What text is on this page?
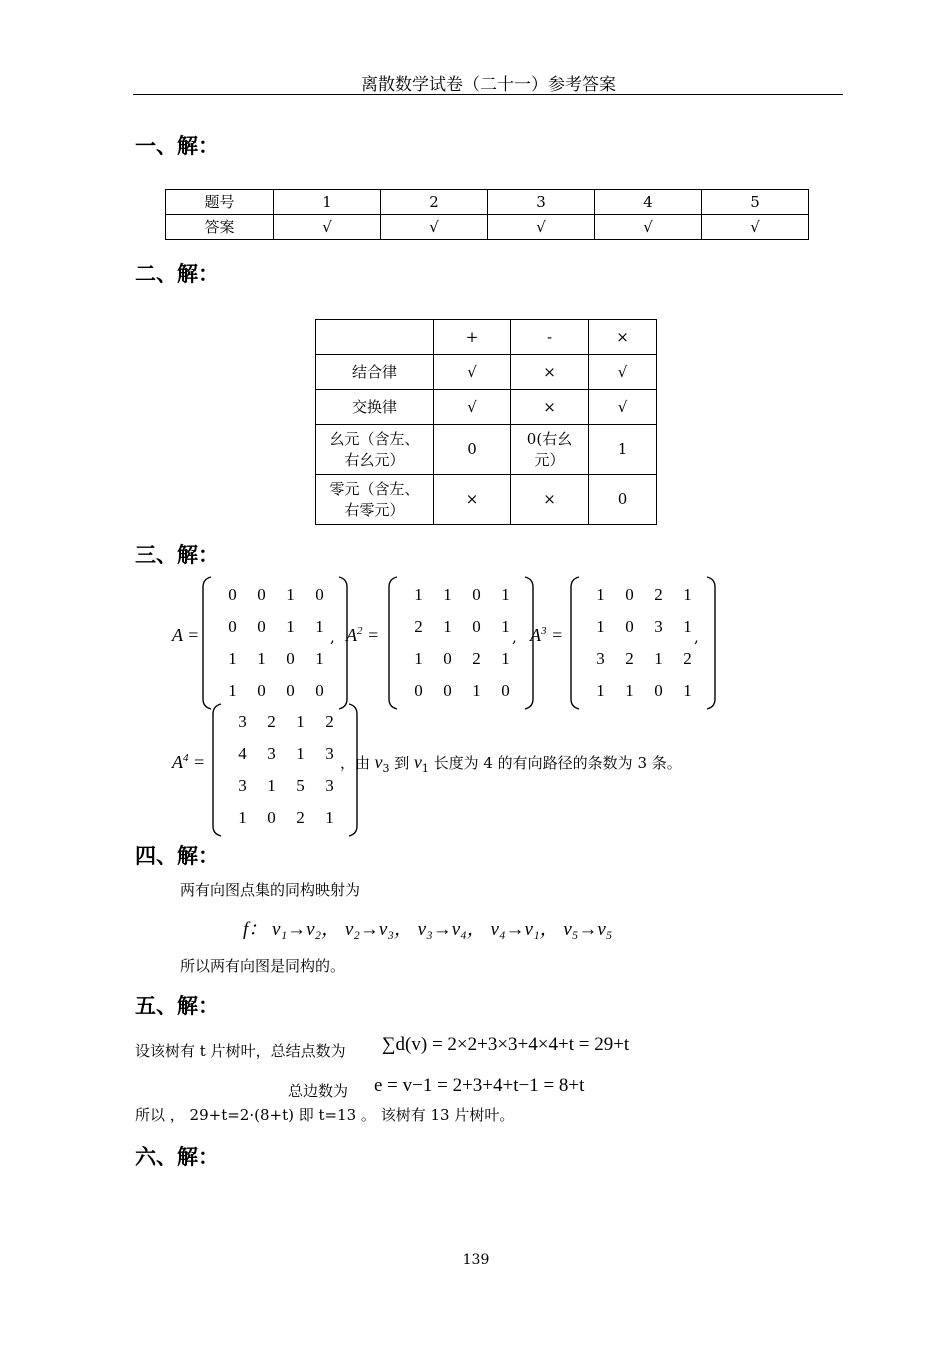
离散数学试卷（二十一）参考答案
一、解：
题号	1	2	3	4	5
答案	√	√	√	√	√
二、解：
	+	-	×
结合律	√	×	√
交换律	√	×	√
幺元（含左、右幺元）	0	0(右幺元）	1
零元（含左、右零元）	×	×	0
三、解：
A =
0	0	1	0
0	0	1	1
1	1	0	1
1	0	0	0
, $A^2$ =
1	1	0	1
2	1	0	1
1	0	2	1
0	0	1	0
, $A^3$ =
1	0	2	1
1	0	3	1
3	2	1	2
1	1	0	1
,
$A^4$ =
3	2	1	2
4	3	1	3
3	1	5	3
1	0	2	1
，由 $v_3$ 到 $v_1$ 长度为 4 的有向路径的条数为 3 条。
四、解：
两有向图点集的同构映射为
f： v₁→v₂， v₂→v₃， v₃→v₄， v₄→v₁， v₅→v₅
所以两有向图是同构的。
五、解：
设该树有 t 片树叶，总结点数为 ∑d(v) = 2×2+3×3+4×4+t = 29+t
总边数为 e = v−1 = 2+3+4+t−1 = 8+t
所以 ， 29+t=2·(8+t) 即 t=13 。 该树有 13 片树叶。
六、解：
139
